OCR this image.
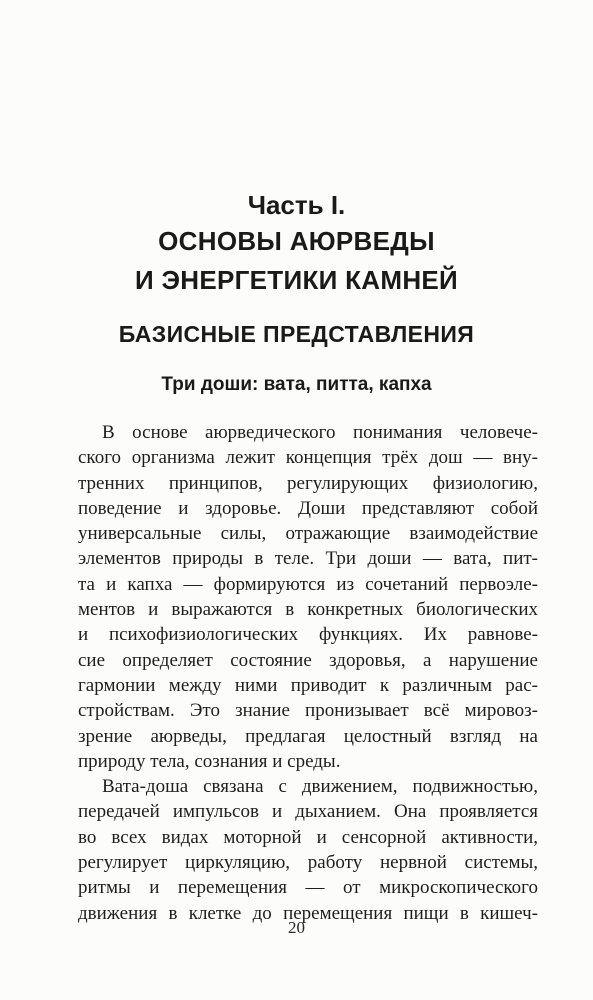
Часть I.
ОСНОВЫ АЮРВЕДЫ
И ЭНЕРГЕТИКИ КАМНЕЙ
БАЗИСНЫЕ ПРЕДСТАВЛЕНИЯ
Три доши: вата, питта, капха
В основе аюрведического понимания человече-
ского организма лежит концепция трёх дош — вну-
тренних принципов, регулирующих физиологию,
поведение и здоровье. Доши представляют собой
универсальные силы, отражающие взаимодействие
элементов природы в теле. Три доши — вата, пит-
та и капха — формируются из сочетаний первоэле-
ментов и выражаются в конкретных биологических
и психофизиологических функциях. Их равнове-
сие определяет состояние здоровья, а нарушение
гармонии между ними приводит к различным рас-
стройствам. Это знание пронизывает всё мировоз-
зрение аюрведы, предлагая целостный взгляд на
природу тела, сознания и среды.
Вата-доша связана с движением, подвижностью,
передачей импульсов и дыханием. Она проявляется
во всех видах моторной и сенсорной активности,
регулирует циркуляцию, работу нервной системы,
ритмы и перемещения — от микроскопического
движения в клетке до перемещения пищи в кишеч-
20
